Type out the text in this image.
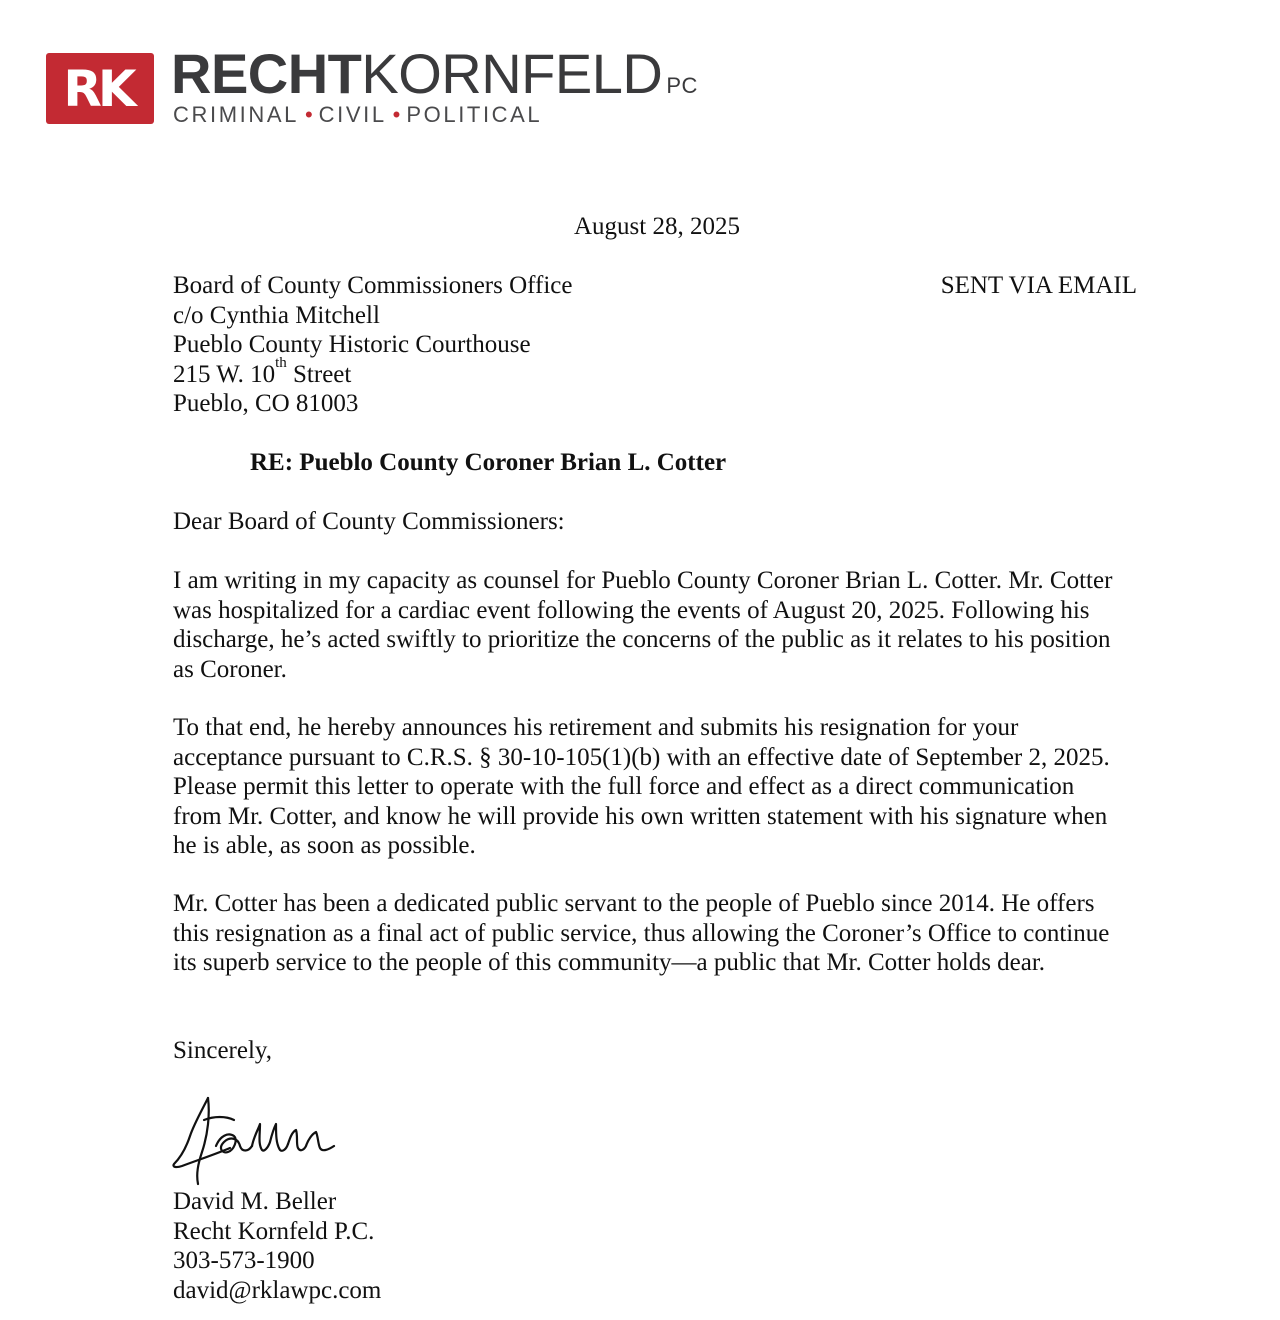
RK RECHTKORNFELD PC
CRIMINAL • CIVIL • POLITICAL
August 28, 2025
Board of County Commissioners Office
c/o Cynthia Mitchell
Pueblo County Historic Courthouse
215 W. 10th Street
Pueblo, CO 81003
SENT VIA EMAIL
RE: Pueblo County Coroner Brian L. Cotter
Dear Board of County Commissioners:
I am writing in my capacity as counsel for Pueblo County Coroner Brian L. Cotter. Mr. Cotter
was hospitalized for a cardiac event following the events of August 20, 2025. Following his
discharge, he’s acted swiftly to prioritize the concerns of the public as it relates to his position
as Coroner.
To that end, he hereby announces his retirement and submits his resignation for your
acceptance pursuant to C.R.S. § 30-10-105(1)(b) with an effective date of September 2, 2025.
Please permit this letter to operate with the full force and effect as a direct communication
from Mr. Cotter, and know he will provide his own written statement with his signature when
he is able, as soon as possible.
Mr. Cotter has been a dedicated public servant to the people of Pueblo since 2014. He offers
this resignation as a final act of public service, thus allowing the Coroner’s Office to continue
its superb service to the people of this community—a public that Mr. Cotter holds dear.
Sincerely,
David M. Beller
Recht Kornfeld P.C.
303-573-1900
david@rklawpc.com
